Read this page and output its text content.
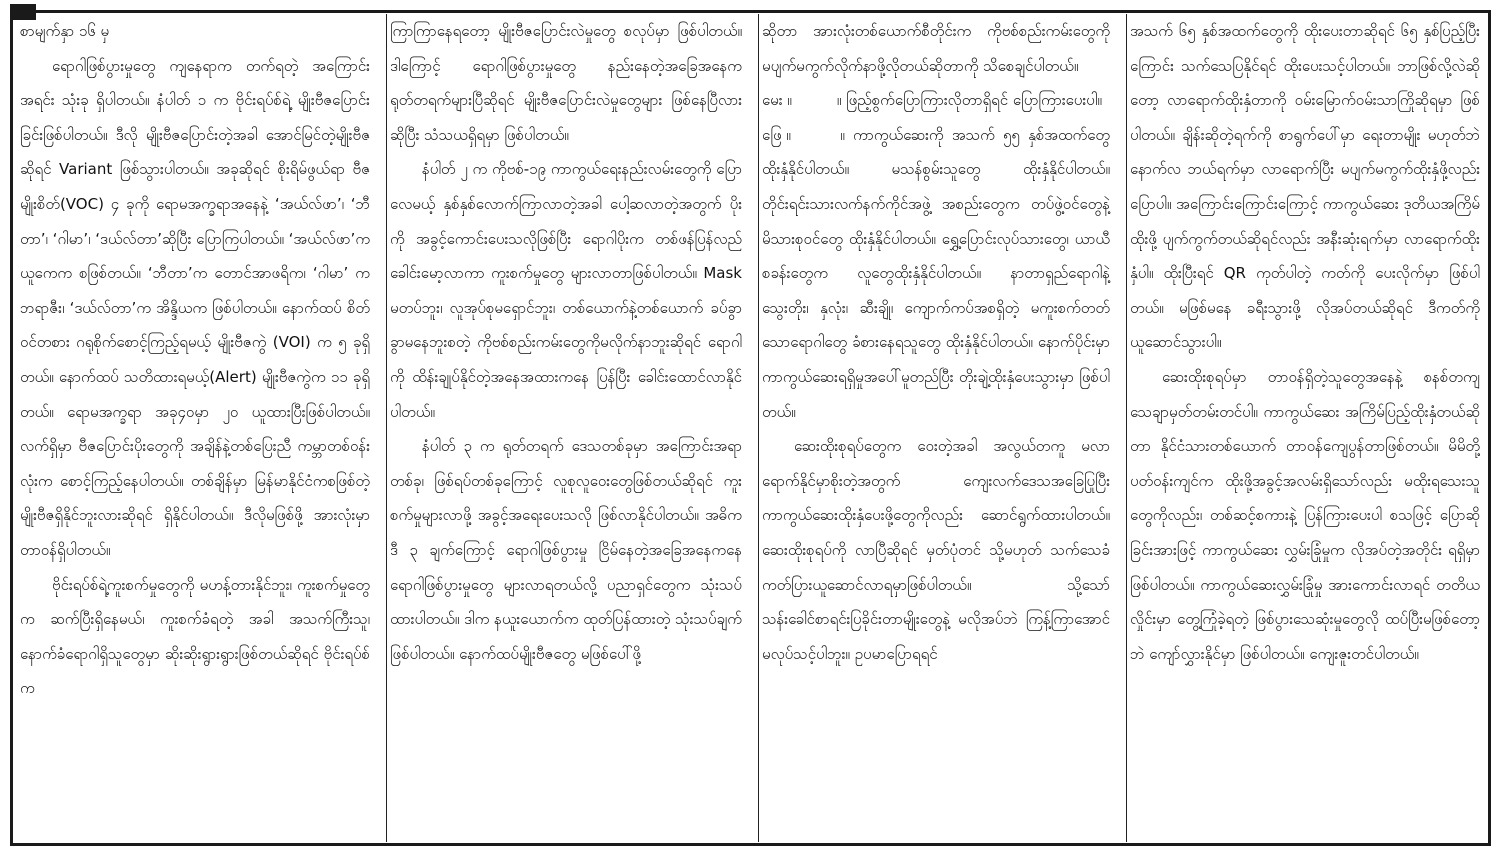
စာမျက်နှာ ၁၆ မှ

ရောဂါဖြစ်ပွားမှုတွေ ကျနေရာက တက်ရတဲ့ အကြောင်းအရင်း သုံးခု ရှိပါတယ်။ နံပါတ် ၁ က ဗိုင်းရပ်စ်ရဲ့ မျိုးဗီဇပြောင်းခြင်းဖြစ်ပါတယ်။ ဒီလို မျိုးဗီဇပြောင်းတဲ့အခါ အောင်မြင်တဲ့မျိုးဗီဇဆိုရင် Variant ဖြစ်သွားပါတယ်။ အခုဆိုရင် စိုးရိမ်ဖွယ်ရာ ဗီဇမျိုးစိတ်(VOC) ၄ ခုကို ရောမအက္ခရာအနေနဲ့ ‘အယ်လ်ဖာ’၊ ‘ဘီတာ’၊ ‘ဂါမာ’၊ ‘ဒယ်လ်တာ’ဆိုပြီး ပြောကြပါတယ်။ ‘အယ်လ်ဖာ’က ယူကေက စဖြစ်တယ်။ ‘ဘီတာ’က တောင်အာဖရိက၊ ‘ဂါမာ’ က ဘရာဇီး၊ ‘ဒယ်လ်တာ’က အိန္ဒိယက ဖြစ်ပါတယ်။ နောက်ထပ် စိတ်ဝင်တစား ဂရုစိုက်စောင့်ကြည့်ရမယ့် မျိုးဗီဇကွဲ (VOI) က ၅ ခုရှိတယ်။ နောက်ထပ် သတိထားရမယ့်(Alert) မျိုးဗီဇကွဲက ၁၁ ခုရှိတယ်။ ရောမအက္ခရာ အခု၄၀မှာ ၂၀ ယူထားပြီးဖြစ်ပါတယ်။ လက်ရှိမှာ ဗီဇပြောင်းပိုးတွေကို အချိန်နဲ့တစ်ပြေးညီ ကမ္ဘာတစ်ဝန်းလုံးက စောင့်ကြည့်နေပါတယ်။ တစ်ချိန်မှာ မြန်မာနိုင်ငံကစဖြစ်တဲ့ မျိုးဗီဇရှိနိုင်ဘူးလားဆိုရင် ရှိနိုင်ပါတယ်။ ဒီလိုမဖြစ်ဖို့ အားလုံးမှာ တာဝန်ရှိပါတယ်။

ဗိုင်းရပ်စ်ရဲ့ကူးစက်မှုတွေကို မဟန့်တားနိုင်ဘူး၊ ကူးစက်မှုတွေက ဆက်ပြီးရှိနေမယ်၊ ကူးစက်ခံရတဲ့ အခါ အသက်ကြီးသူ၊ နောက်ခံရောဂါရှိသူတွေမှာ ဆိုးဆိုးရွားရွားဖြစ်တယ်ဆိုရင် ဗိုင်းရပ်စ်က

ကြာကြာနေရတော့ မျိုးဗီဇပြောင်းလဲမှုတွေ စလုပ်မှာ ဖြစ်ပါတယ်။ ဒါကြောင့် ရောဂါဖြစ်ပွားမှုတွေ နည်းနေတဲ့အခြေအနေက ရုတ်တရက်များပြီဆိုရင် မျိုးဗီဇပြောင်းလဲမှုတွေများ ဖြစ်နေပြီလားဆိုပြီး သံသယရှိရမှာ ဖြစ်ပါတယ်။

နံပါတ် ၂ က ကိုဗစ်-၁၉ ကာကွယ်ရေးနည်းလမ်းတွေကို ပြောလေမယ့် နှစ်နှစ်လောက်ကြာလာတဲ့အခါ ပေါ့ဆလာတဲ့အတွက် ပိုးကို အခွင့်ကောင်းပေးသလိုဖြစ်ပြီး ရောဂါပိုးက တစ်ဖန်ပြန်လည်ခေါင်းမော့လာကာ ကူးစက်မှုတွေ များလာတာဖြစ်ပါတယ်။ Mask မတပ်ဘူး၊ လူအုပ်စုမရှောင်ဘူး၊ တစ်ယောက်နဲ့တစ်ယောက် ခပ်ခွာခွာမနေဘူးစတဲ့ ကိုဗစ်စည်းကမ်းတွေကိုမလိုက်နာဘူးဆိုရင် ရောဂါကို ထိန်းချုပ်နိုင်တဲ့အနေအထားကနေ ပြန်ပြီး ခေါင်းထောင်လာနိုင်ပါတယ်။

နံပါတ် ၃ က ရုတ်တရက် ဒေသတစ်ခုမှာ အကြောင်းအရာတစ်ခု၊ ဖြစ်ရပ်တစ်ခုကြောင့် လူစုလူဝေးတွေဖြစ်တယ်ဆိုရင် ကူးစက်မှုများလာဖို့ အခွင့်အရေးပေးသလို ဖြစ်လာနိုင်ပါတယ်။ အဓိက ဒီ ၃ ချက်ကြောင့် ရောဂါဖြစ်ပွားမှု ငြိမ်နေတဲ့အခြေအနေကနေ ရောဂါဖြစ်ပွားမှုတွေ များလာရတယ်လို့ ပညာရှင်တွေက သုံးသပ်ထားပါတယ်။ ဒါက နယူးယောက်က ထုတ်ပြန်ထားတဲ့ သုံးသပ်ချက်ဖြစ်ပါတယ်။ နောက်ထပ်မျိုးဗီဇတွေ မဖြစ်ပေါ်ဖို့

ဆိုတာ အားလုံးတစ်ယောက်စီတိုင်းက ကိုဗစ်စည်းကမ်းတွေကို မပျက်မကွက်လိုက်နာဖို့လိုတယ်ဆိုတာကို သိစေချင်ပါတယ်။

မေး ။	။ ဖြည့်စွက်ပြောကြားလိုတာရှိရင် ပြောကြားပေးပါ။

ဖြေ ။	။ ကာကွယ်ဆေးကို အသက် ၅၅ နှစ်အထက်တွေ ထိုးနှံနိုင်ပါတယ်။ မသန်စွမ်းသူတွေ ထိုးနှံနိုင်ပါတယ်။ တိုင်းရင်းသားလက်နက်ကိုင်အဖွဲ့ အစည်းတွေက တပ်ဖွဲ့ဝင်တွေနဲ့ မိသားစုဝင်တွေ ထိုးနှံနိုင်ပါတယ်။ ရွှေ့ပြောင်းလုပ်သားတွေ၊ ယာယီစခန်းတွေက လူတွေထိုးနှံနိုင်ပါတယ်။ နာတာရှည်ရောဂါနဲ့ သွေးတိုး၊ နှလုံး၊ ဆီးချို၊ ကျောက်ကပ်အစရှိတဲ့ မကူးစက်တတ်သောရောဂါတွေ ခံစားနေရသူတွေ ထိုးနှံနိုင်ပါတယ်။ နောက်ပိုင်းမှာ ကာကွယ်ဆေးရရှိမှုအပေါ်မူတည်ပြီး တိုးချဲ့ထိုးနှံပေးသွားမှာ ဖြစ်ပါတယ်။

ဆေးထိုးစုရပ်တွေက ဝေးတဲ့အခါ အလွယ်တကူ မလာရောက်နိုင်မှာစိုးတဲ့အတွက် ကျေးလက်ဒေသအခြေပြုပြီး ကာကွယ်ဆေးထိုးနှံပေးဖို့တွေကိုလည်း ဆောင်ရွက်ထားပါတယ်။ ဆေးထိုးစုရပ်ကို လာပြီဆိုရင် မှတ်ပုံတင် သို့မဟုတ် သက်သေခံကတ်ပြားယူဆောင်လာရမှာဖြစ်ပါတယ်။ သို့သော် သန်းခေါင်စာရင်းပြခိုင်းတာမျိုးတွေနဲ့ မလိုအပ်ဘဲ ကြန့်ကြာအောင် မလုပ်သင့်ပါဘူး။ ဥပမာပြောရရင်

အသက် ၆၅ နှစ်အထက်တွေကို ထိုးပေးတာဆိုရင် ၆၅ နှစ်ပြည့်ပြီးကြောင်း သက်သေပြနိုင်ရင် ထိုးပေးသင့်ပါတယ်။ ဘာဖြစ်လို့လဲဆိုတော့ လာရောက်ထိုးနှံတာကို ဝမ်းမြောက်ဝမ်းသာကြိုဆိုရမှာ ဖြစ်ပါတယ်။ ချိန်းဆိုတဲ့ရက်ကို စာရွက်ပေါ်မှာ ရေးတာမျိုး မဟုတ်ဘဲ နောက်လ ဘယ်ရက်မှာ လာရောက်ပြီး မပျက်မကွက်ထိုးနှံဖို့လည်းပြောပါ။ အကြောင်းကြောင်းကြောင့် ကာကွယ်ဆေး ဒုတိယအကြိမ်ထိုးဖို့ ပျက်ကွက်တယ်ဆိုရင်လည်း အနီးဆုံးရက်မှာ လာရောက်ထိုးနှံပါ။ ထိုးပြီးရင် QR ကုတ်ပါတဲ့ ကတ်ကို ပေးလိုက်မှာ ဖြစ်ပါတယ်။ မဖြစ်မနေ ခရီးသွားဖို့ လိုအပ်တယ်ဆိုရင် ဒီကတ်ကိုယူဆောင်သွားပါ။

ဆေးထိုးစုရပ်မှာ တာဝန်ရှိတဲ့သူတွေအနေနဲ့ စနစ်တကျသေချာမှတ်တမ်းတင်ပါ။ ကာကွယ်ဆေး အကြိမ်ပြည့်ထိုးနှံတယ်ဆိုတာ နိုင်ငံသားတစ်ယောက် တာဝန်ကျေပွန်တာဖြစ်တယ်။ မိမိတို့ ပတ်ဝန်းကျင်က ထိုးဖို့အခွင့်အလမ်းရှိသော်လည်း မထိုးရသေးသူတွေကိုလည်း၊ တစ်ဆင့်စကားနဲ့ ပြန်ကြားပေးပါ စသဖြင့် ပြောဆိုခြင်းအားဖြင့် ကာကွယ်ဆေး လွှမ်းခြုံမှုက လိုအပ်တဲ့အတိုင်း ရရှိမှာဖြစ်ပါတယ်။ ကာကွယ်ဆေးလွှမ်းခြုံမှု အားကောင်းလာရင် တတိယလှိုင်းမှာ တွေ့ကြုံခဲ့ရတဲ့ ဖြစ်ပွားသေဆုံးမှုတွေလို ထပ်ပြီးမဖြစ်တော့ဘဲ ကျော်လွှားနိုင်မှာ ဖြစ်ပါတယ်။ ကျေးဇူးတင်ပါတယ်။
